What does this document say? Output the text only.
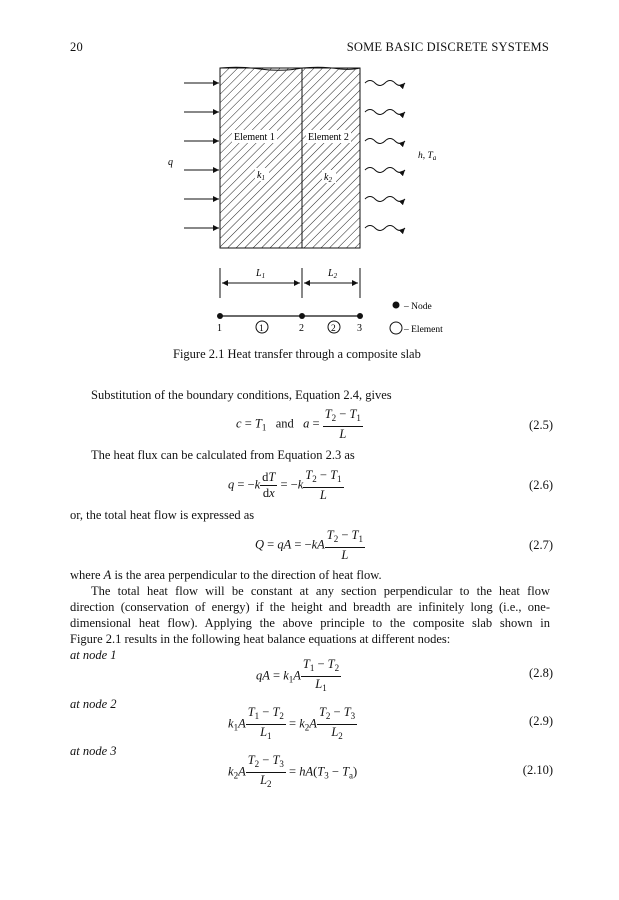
20	SOME BASIC DISCRETE SYSTEMS
Element 1	Element 2
$k_1$	$k_2$
q
h, $T_a$
$L_1$	$L_2$
1	2	3
1	2
– Node
– Element
Figure 2.1 Heat transfer through a composite slab
Substitution of the boundary conditions, Equation 2.4, gives
$c = T_1$ and $a = \frac{T_2 - T_1}{L}$	(2.5)
The heat flux can be calculated from Equation 2.3 as
$q = -k \frac{dT}{dx} = -k \frac{T_2 - T_1}{L}$	(2.6)
or, the total heat flow is expressed as
Q = qA = $-kA \frac{T_2 - T_1}{L}$	(2.7)
where A is the area perpendicular to the direction of heat flow.
The total heat flow will be constant at any section perpendicular to the heat flow
direction (conservation of energy) if the height and breadth are infinitely long (i.e., one-
dimensional heat flow). Applying the above principle to the composite slab shown in
Figure 2.1 results in the following heat balance equations at different nodes:
at node 1
qA = $k_1A \frac{T_1 - T_2}{L_1}$	(2.8)
at node 2
$k_1A \frac{T_1 - T_2}{L_1} = k_2A \frac{T_2 - T_3}{L_2}$	(2.9)
at node 3
$k_2A \frac{T_2 - T_3}{L_2} = hA(T_3 - T_a)$	(2.10)
